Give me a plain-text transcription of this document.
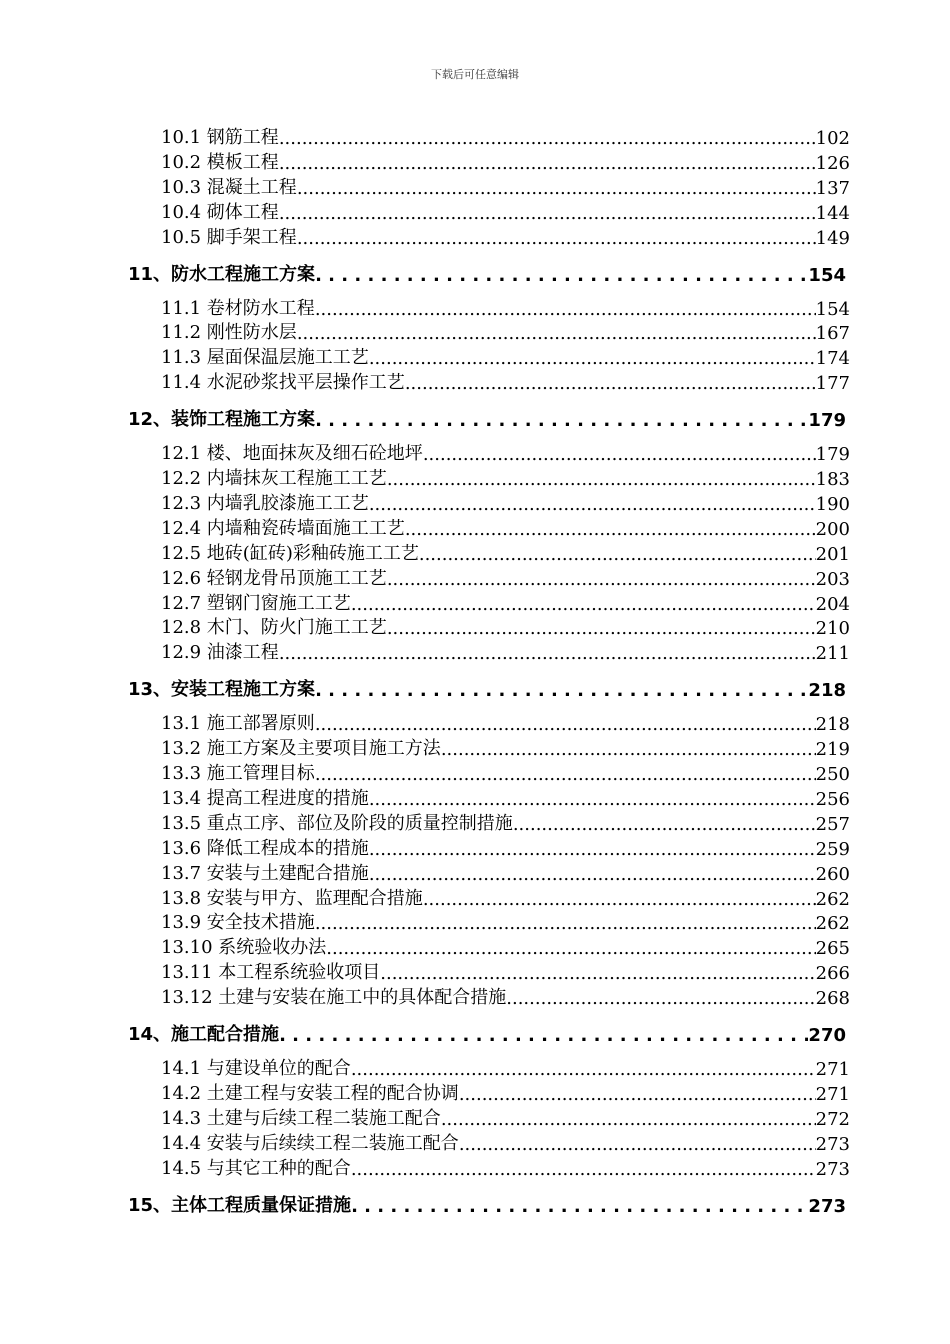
下载后可任意编辑
10.1 钢筋工程 .....	102
10.2 模板工程 .....	126
10.3 混凝土工程 .....	137
10.4 砌体工程 .....	144
10.5 脚手架工程 .....	149
11、防水工程施工方案 . . .	154
11.1 卷材防水工程 .....	154
11.2 刚性防水层 .....	167
11.3 屋面保温层施工工艺 .....	174
11.4 水泥砂浆找平层操作工艺 .....	177
12、装饰工程施工方案 . . .	179
12.1 楼、地面抹灰及细石砼地坪 .....	179
12.2 内墙抹灰工程施工工艺 .....	183
12.3 内墙乳胶漆施工工艺 .....	190
12.4 内墙釉瓷砖墙面施工工艺 .....	200
12.5 地砖(缸砖)彩釉砖施工工艺 .....	201
12.6 轻钢龙骨吊顶施工工艺 .....	203
12.7 塑钢门窗施工工艺 .....	204
12.8 木门、防火门施工工艺 .....	210
12.9 油漆工程 .....	211
13、安装工程施工方案 . . .	218
13.1 施工部署原则 .....	218
13.2 施工方案及主要项目施工方法 .....	219
13.3 施工管理目标 .....	250
13.4 提高工程进度的措施 .....	256
13.5 重点工序、部位及阶段的质量控制措施 .....	257
13.6 降低工程成本的措施 .....	259
13.7 安装与土建配合措施 .....	260
13.8 安装与甲方、监理配合措施 .....	262
13.9 安全技术措施 .....	262
13.10 系统验收办法 .....	265
13.11 本工程系统验收项目 .....	266
13.12 土建与安装在施工中的具体配合措施 .....	268
14、施工配合措施 . . .	270
14.1 与建设单位的配合 .....	271
14.2 土建工程与安装工程的配合协调 .....	271
14.3 土建与后续工程二装施工配合 .....	272
14.4 安装与后续续工程二装施工配合 .....	273
14.5 与其它工种的配合 .....	273
15、主体工程质量保证措施 . . .	273
